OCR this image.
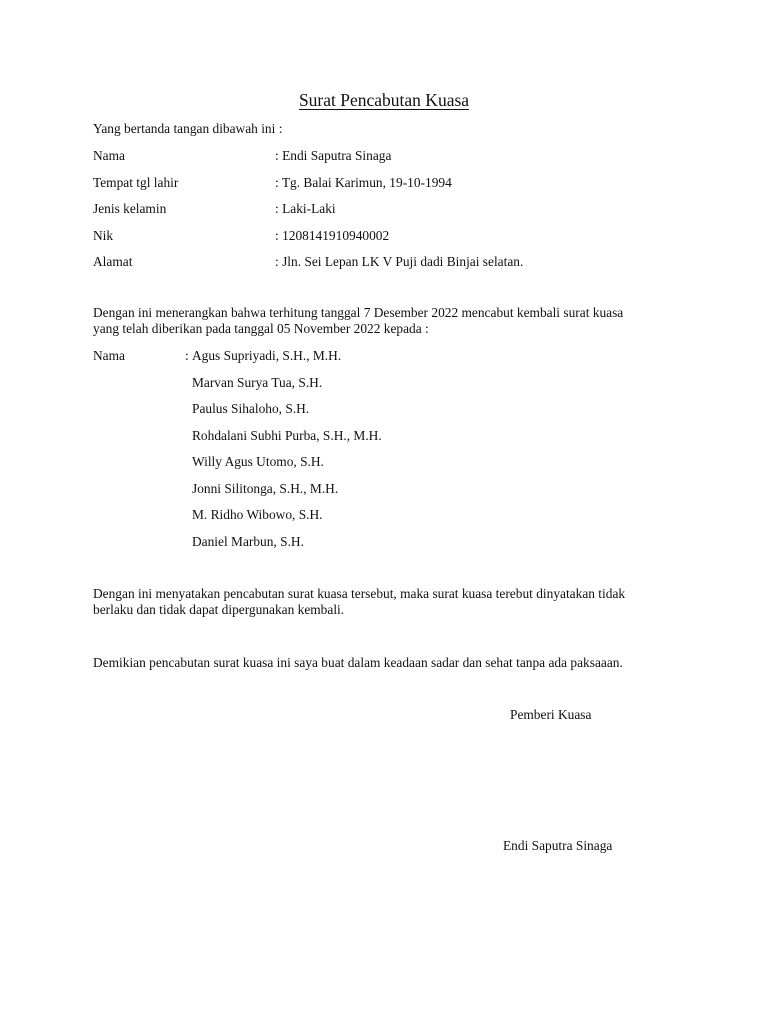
Surat Pencabutan Kuasa
Yang bertanda tangan dibawah ini :
Nama	: Endi Saputra Sinaga
Tempat tgl lahir	: Tg. Balai Karimun, 19-10-1994
Jenis kelamin	: Laki-Laki
Nik	: 1208141910940002
Alamat	: Jln. Sei Lepan LK V Puji dadi Binjai selatan.
Dengan ini menerangkan bahwa terhitung tanggal 7 Desember 2022 mencabut kembali surat kuasa
yang telah diberikan pada tanggal 05 November 2022 kepada :
Nama	: Agus Supriyadi, S.H., M.H.
Marvan Surya Tua, S.H.
Paulus Sihaloho, S.H.
Rohdalani Subhi Purba, S.H., M.H.
Willy Agus Utomo, S.H.
Jonni Silitonga, S.H., M.H.
M. Ridho Wibowo, S.H.
Daniel Marbun, S.H.
Dengan ini menyatakan pencabutan surat kuasa tersebut, maka surat kuasa terebut dinyatakan tidak
berlaku dan tidak dapat dipergunakan kembali.
Demikian pencabutan surat kuasa ini saya buat dalam keadaan sadar dan sehat tanpa ada paksaaan.
Pemberi Kuasa
Endi Saputra Sinaga
